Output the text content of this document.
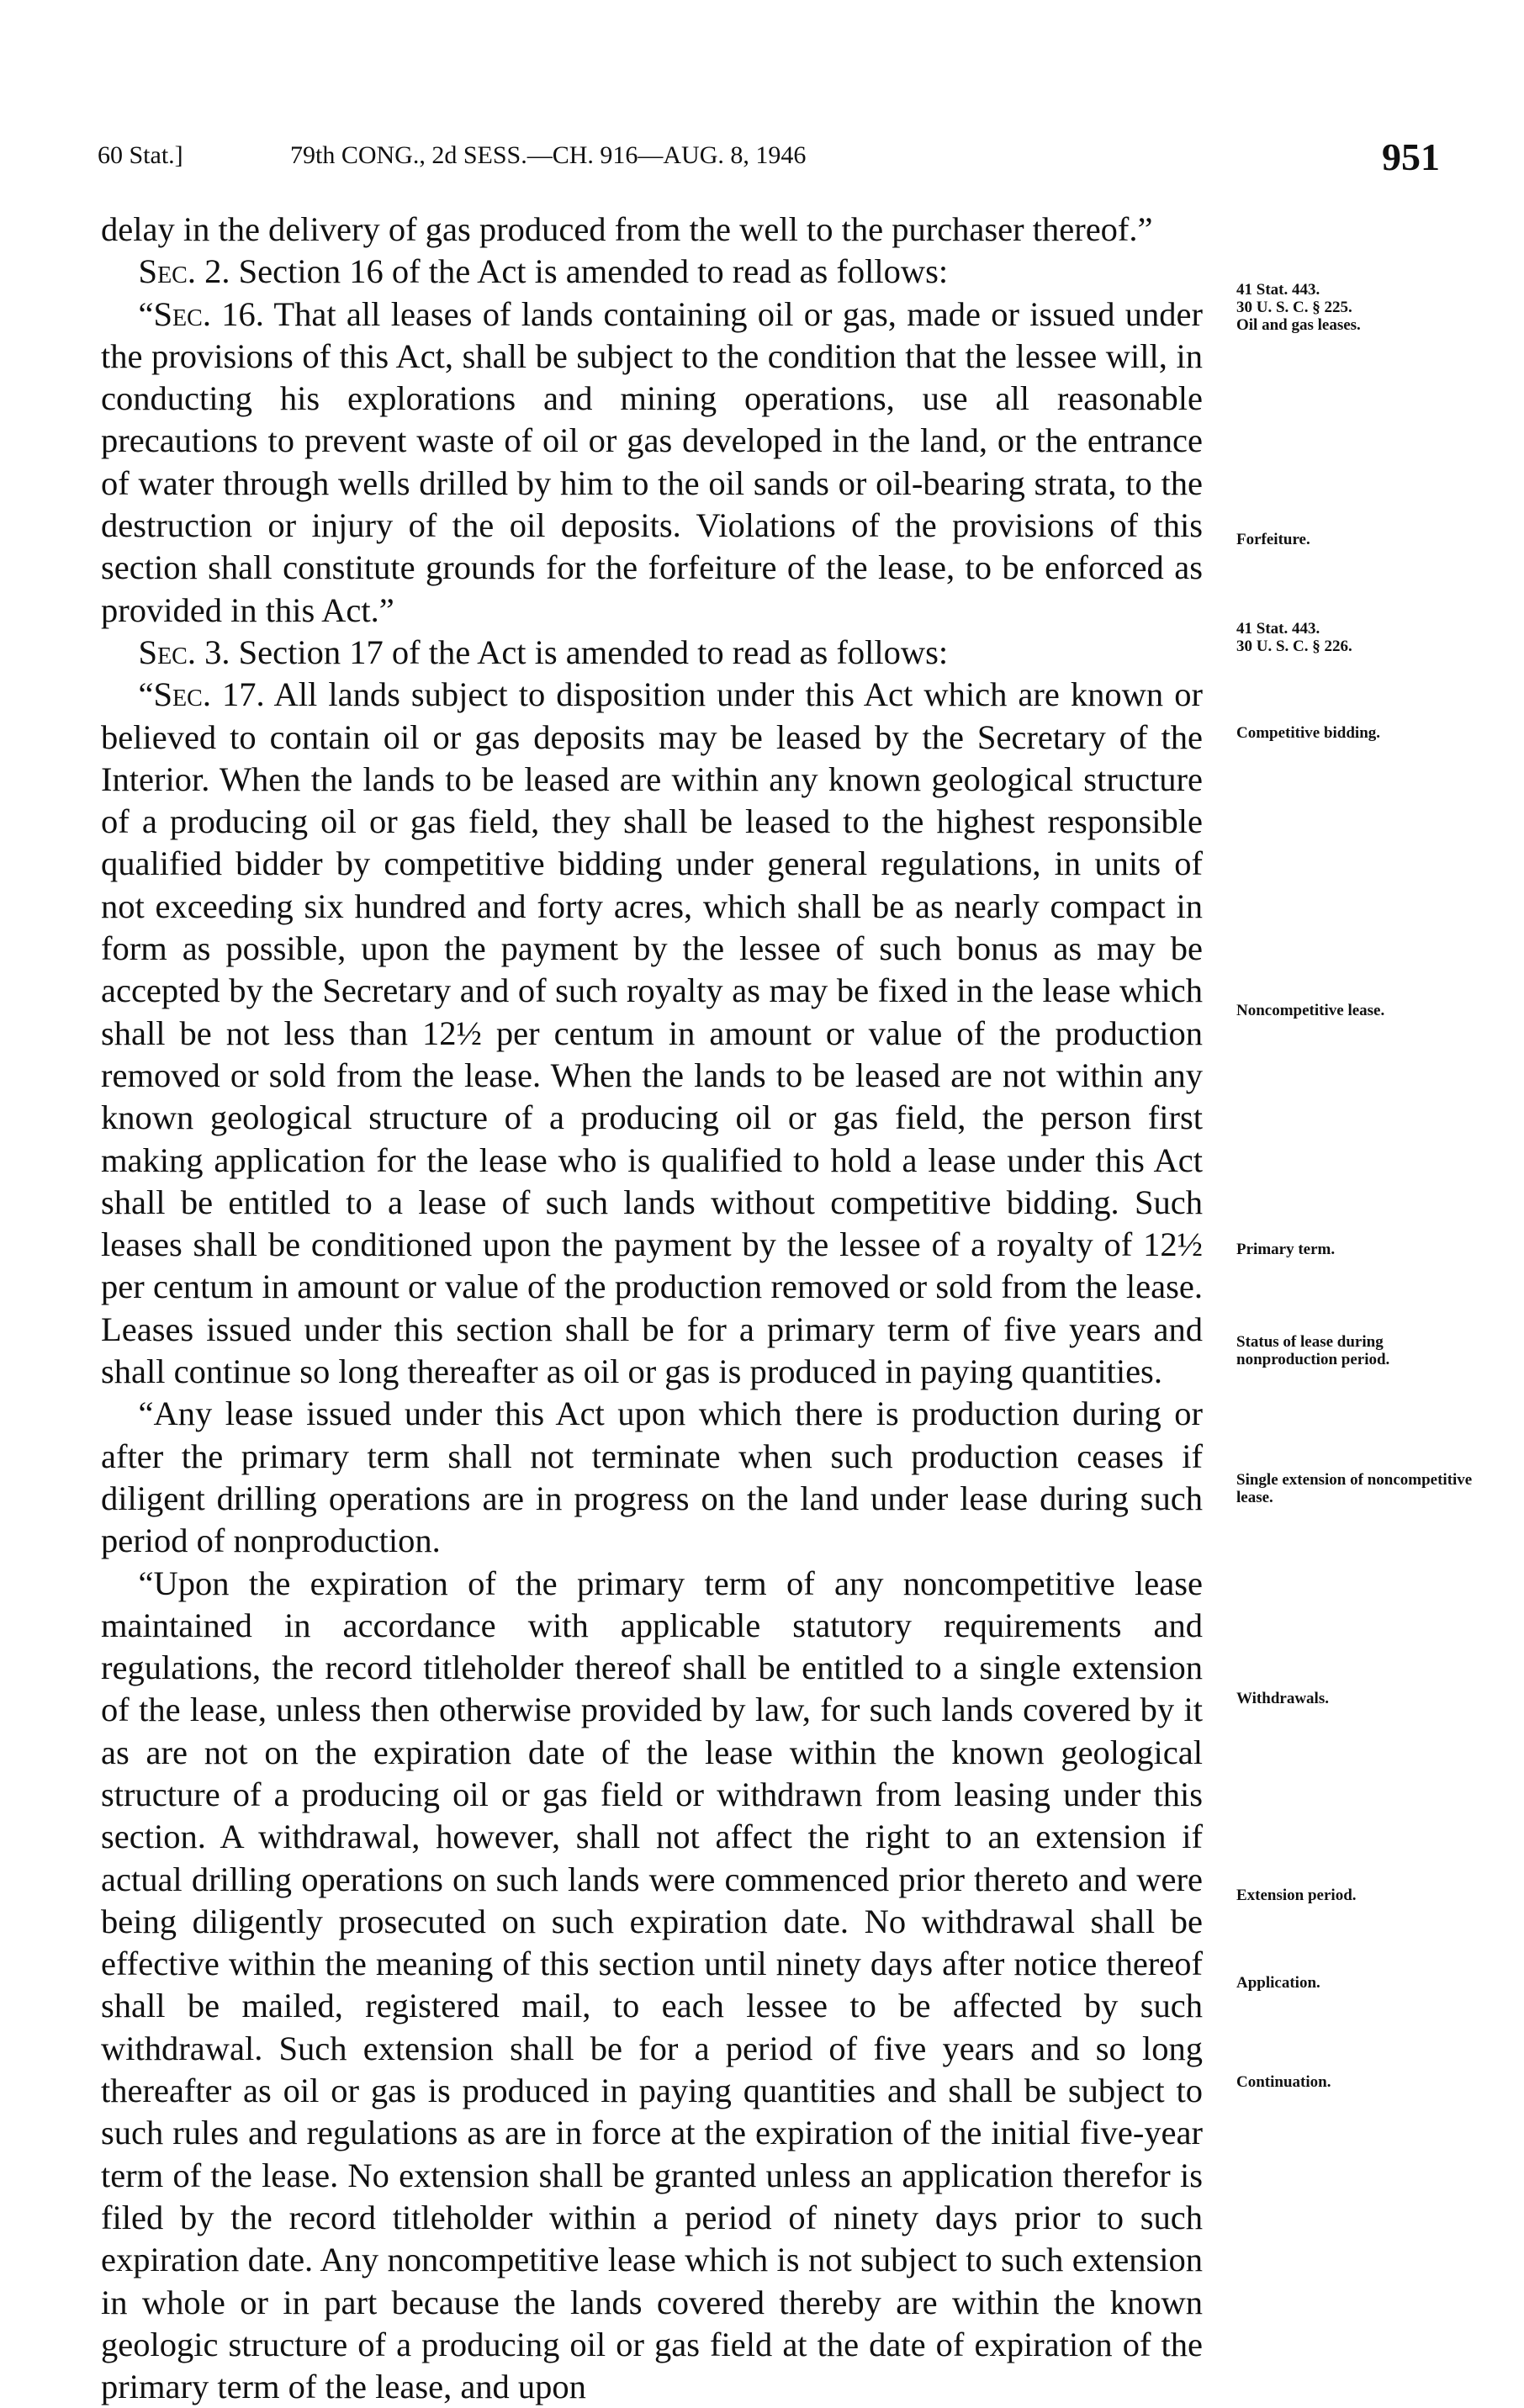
60 Stat.]	79th CONG., 2d SESS.—CH. 916—AUG. 8, 1946	951

delay in the delivery of gas produced from the well to the purchaser thereof.”

Sec. 2. Section 16 of the Act is amended to read as follows:

“Sec. 16. That all leases of lands containing oil or gas, made or issued under the provisions of this Act, shall be subject to the condition that the lessee will, in conducting his explorations and mining operations, use all reasonable precautions to prevent waste of oil or gas developed in the land, or the entrance of water through wells drilled by him to the oil sands or oil-bearing strata, to the destruction or injury of the oil deposits. Violations of the provisions of this section shall constitute grounds for the forfeiture of the lease, to be enforced as provided in this Act.”

Sec. 3. Section 17 of the Act is amended to read as follows:

“Sec. 17. All lands subject to disposition under this Act which are known or believed to contain oil or gas deposits may be leased by the Secretary of the Interior. When the lands to be leased are within any known geological structure of a producing oil or gas field, they shall be leased to the highest responsible qualified bidder by competitive bidding under general regulations, in units of not exceeding six hundred and forty acres, which shall be as nearly compact in form as possible, upon the payment by the lessee of such bonus as may be accepted by the Secretary and of such royalty as may be fixed in the lease which shall be not less than 12½ per centum in amount or value of the production removed or sold from the lease. When the lands to be leased are not within any known geological structure of a producing oil or gas field, the person first making application for the lease who is qualified to hold a lease under this Act shall be entitled to a lease of such lands without competitive bidding. Such leases shall be conditioned upon the payment by the lessee of a royalty of 12½ per centum in amount or value of the production removed or sold from the lease. Leases issued under this section shall be for a primary term of five years and shall continue so long thereafter as oil or gas is produced in paying quantities.

“Any lease issued under this Act upon which there is production during or after the primary term shall not terminate when such production ceases if diligent drilling operations are in progress on the land under lease during such period of nonproduction.

“Upon the expiration of the primary term of any noncompetitive lease maintained in accordance with applicable statutory requirements and regulations, the record titleholder thereof shall be entitled to a single extension of the lease, unless then otherwise provided by law, for such lands covered by it as are not on the expiration date of the lease within the known geological structure of a producing oil or gas field or withdrawn from leasing under this section. A withdrawal, however, shall not affect the right to an extension if actual drilling operations on such lands were commenced prior thereto and were being diligently prosecuted on such expiration date. No withdrawal shall be effective within the meaning of this section until ninety days after notice thereof shall be mailed, registered mail, to each lessee to be affected by such withdrawal. Such extension shall be for a period of five years and so long thereafter as oil or gas is produced in paying quantities and shall be subject to such rules and regulations as are in force at the expiration of the initial five-year term of the lease. No extension shall be granted unless an application therefor is filed by the record titleholder within a period of ninety days prior to such expiration date. Any noncompetitive lease which is not subject to such extension in whole or in part because the lands covered thereby are within the known geologic structure of a producing oil or gas field at the date of expiration of the primary term of the lease, and upon

41 Stat. 443.
30 U. S. C. § 225.
Oil and gas leases.
Forfeiture.
41 Stat. 443.
30 U. S. C. § 226.
Competitive bidding.
Noncompetitive lease.
Primary term.
Status of lease during nonproduction period.
Single extension of noncompetitive lease.
Withdrawals.
Extension period.
Application.
Continuation.
